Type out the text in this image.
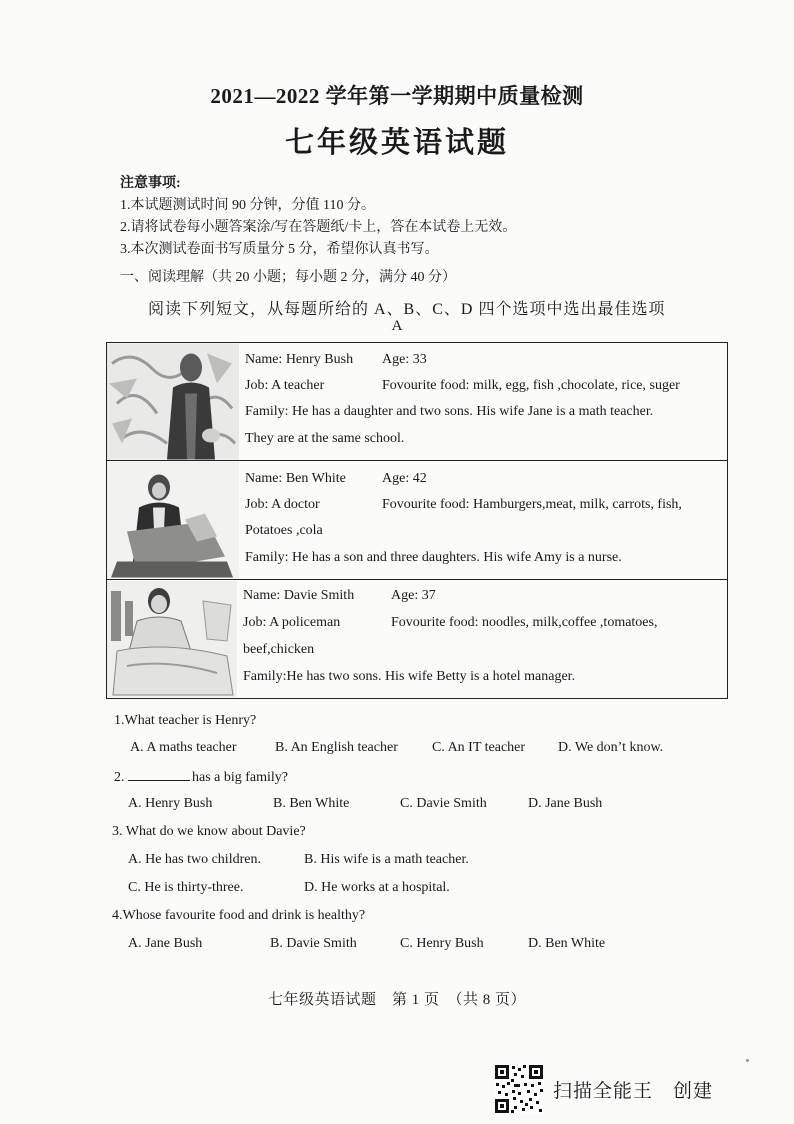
2021—2022 学年第一学期期中质量检测
七年级英语试题
注意事项:
1.本试题测试时间 90 分钟，分值 110 分。
2.请将试卷每小题答案涂/写在答题纸/卡上，答在本试卷上无效。
3.本次测试卷面书写质量分 5 分，希望你认真书写。
一、阅读理解（共 20 小题；每小题 2 分，满分 40 分）
阅读下列短文，从每题所给的 A、B、C、D 四个选项中选出最佳选项
A
Name: Henry Bush Age: 33
Job: A teacher	Fovourite food: milk, egg, fish ,chocolate, rice, suger
Family: He has a daughter and two sons. His wife Jane is a math teacher.
They are at the same school.
Name: Ben White	Age: 42
Job: A doctor	Fovourite food: Hamburgers,meat, milk, carrots, fish,
Potatoes ,cola
Family: He has a son and three daughters. His wife Amy is a nurse.
Name: Davie Smith	Age: 37
Job: A policeman	Fovourite food: noodles, milk,coffee ,tomatoes,
beef,chicken
Family:He has two sons. His wife Betty is a hotel manager.
1.What teacher is Henry?
A. A maths teacher	B. An English teacher C. An IT teacher D. We don’t know.
2.	has a big family?
A. Henry Bush	B. Ben White	C. Davie Smith	D. Jane Bush
3. What do we know about Davie?
A. He has two children.	B. His wife is a math teacher.
C. He is thirty-three.	D. He works at a hospital.
4.Whose favourite food and drink is healthy?
A. Jane Bush	B. Davie Smith	C. Henry Bush	D. Ben White
七年级英语试题　第 1 页　（共 8 页）
扫描全能王　创建
